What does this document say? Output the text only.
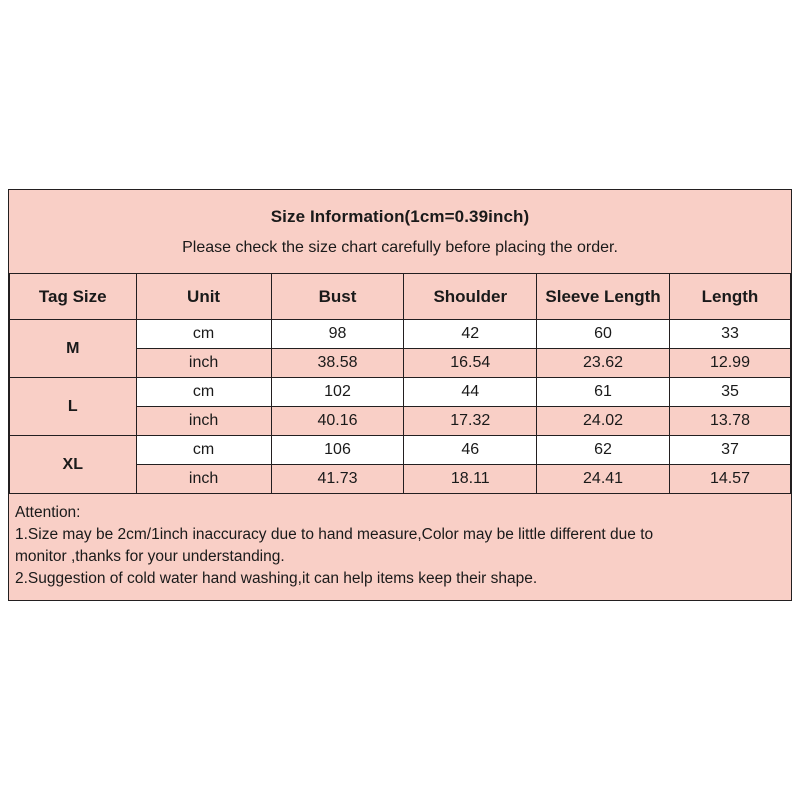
Size Information(1cm=0.39inch)
Please check the size chart carefully before placing the order.
Tag Size	Unit	Bust	Shoulder	Sleeve Length	Length
M	cm	98	42	60	33
	inch	38.58	16.54	23.62	12.99
L	cm	102	44	61	35
	inch	40.16	17.32	24.02	13.78
XL	cm	106	46	62	37
	inch	41.73	18.11	24.41	14.57
Attention:
1.Size may be 2cm/1inch inaccuracy due to hand measure,Color may be little different due to
monitor ,thanks for your understanding.
2.Suggestion of cold water hand washing,it can help items keep their shape.
